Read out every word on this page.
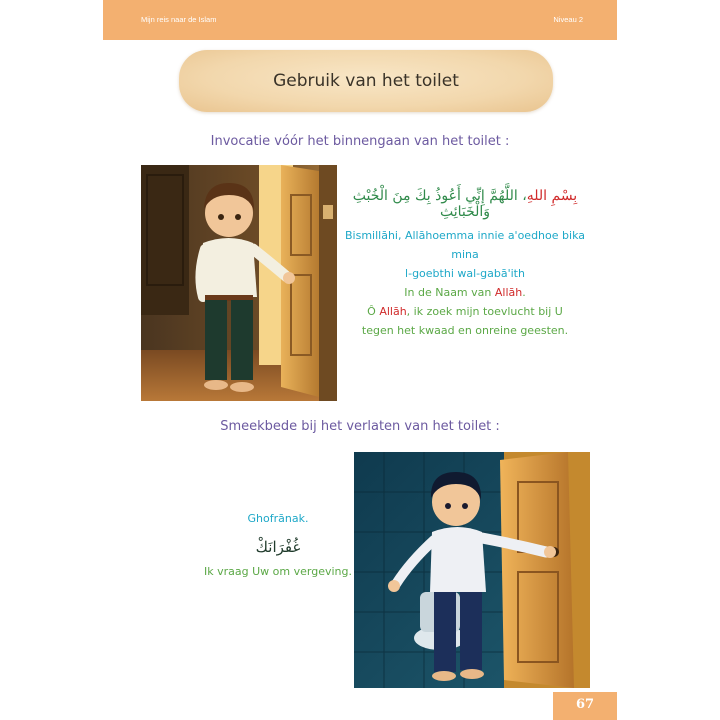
Mijn reis naar de Islam	Niveau 2
Gebruik van het toilet
Invocatie vóór het binnengaan van het toilet :
بِسْمِ اللهِ، اللَّهُمَّ إِنِّي أَعُوذُ بِكَ مِنَ الْخُبْثِ وَالْخَبَائِثِ
Bismillāhi, Allāhoemma innie a'oedhoe bika mina
l-goebthi wal-gabā'ith
In de Naam van Allāh.
Ô Allāh, ik zoek mijn toevlucht bij U
tegen het kwaad en onreine geesten.
Smeekbede bij het verlaten van het toilet :
Ghofrānak.
غُفْرَانَكْ
Ik vraag Uw om vergeving.
67
